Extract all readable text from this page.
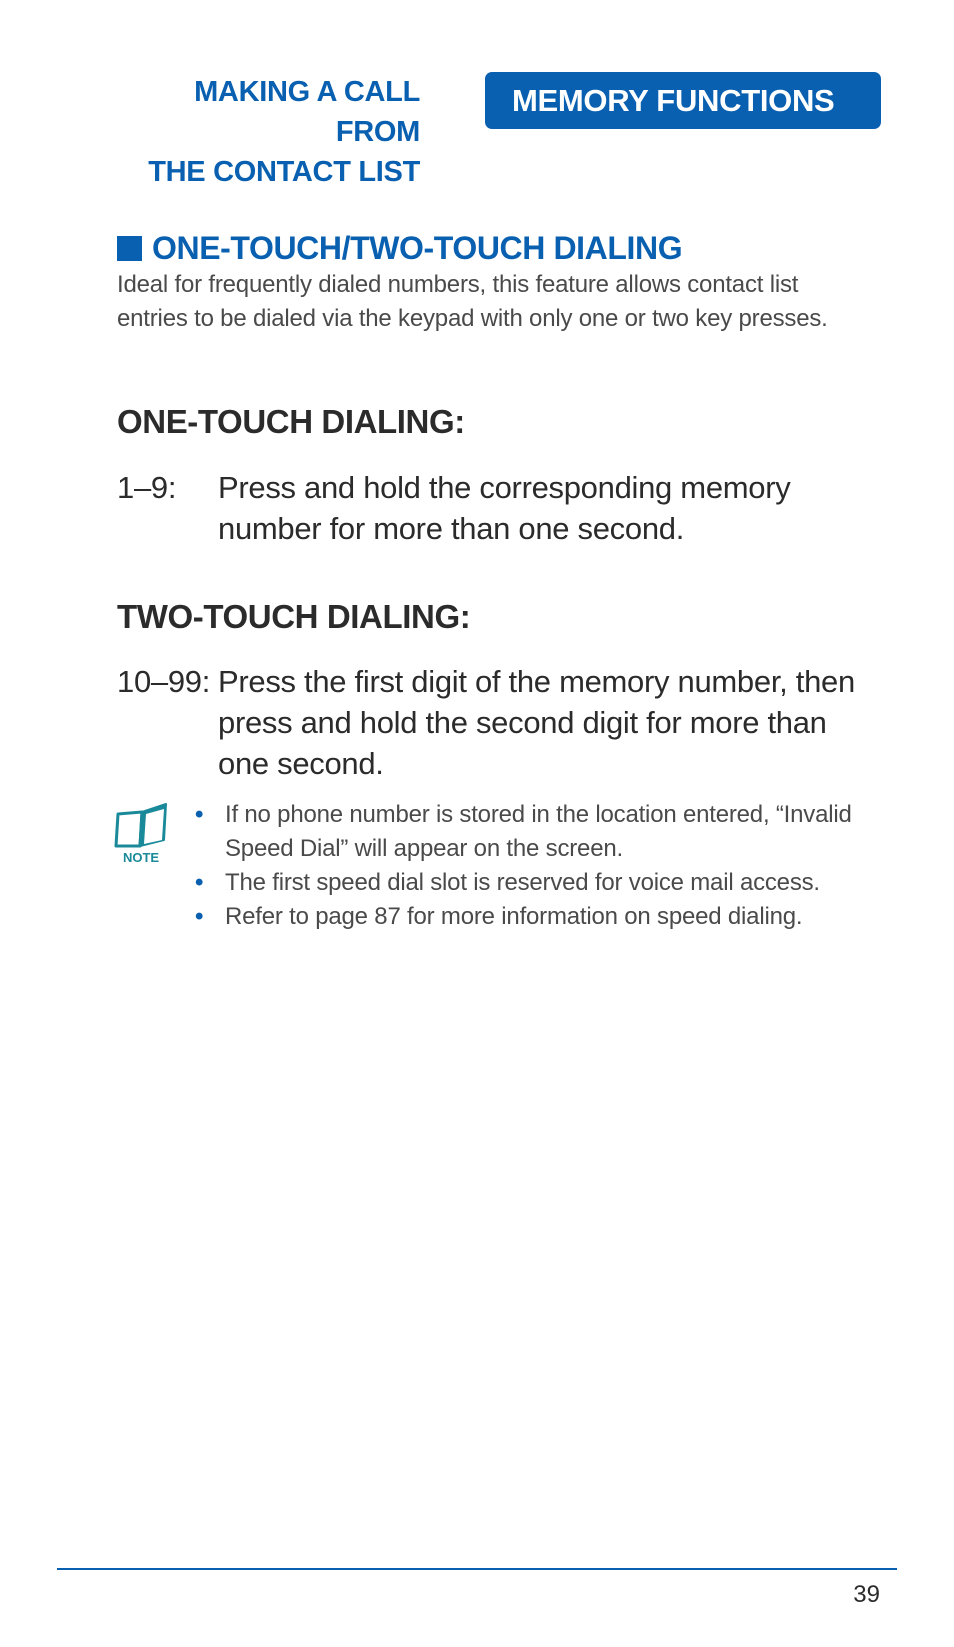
MAKING A CALL FROM
THE CONTACT LIST
MEMORY FUNCTIONS
ONE-TOUCH/TWO-TOUCH DIALING
Ideal for frequently dialed numbers, this feature allows contact list entries to be dialed via the keypad with only one or two key presses.
ONE-TOUCH DIALING:
1–9:	Press and hold the corresponding memory number for more than one second.
TWO-TOUCH DIALING:
10–99: Press the first digit of the memory number, then press and hold the second digit for more than one second.
NOTE
• If no phone number is stored in the location entered, “Invalid Speed Dial” will appear on the screen.
• The first speed dial slot is reserved for voice mail access.
• Refer to page 87 for more information on speed dialing.
39
